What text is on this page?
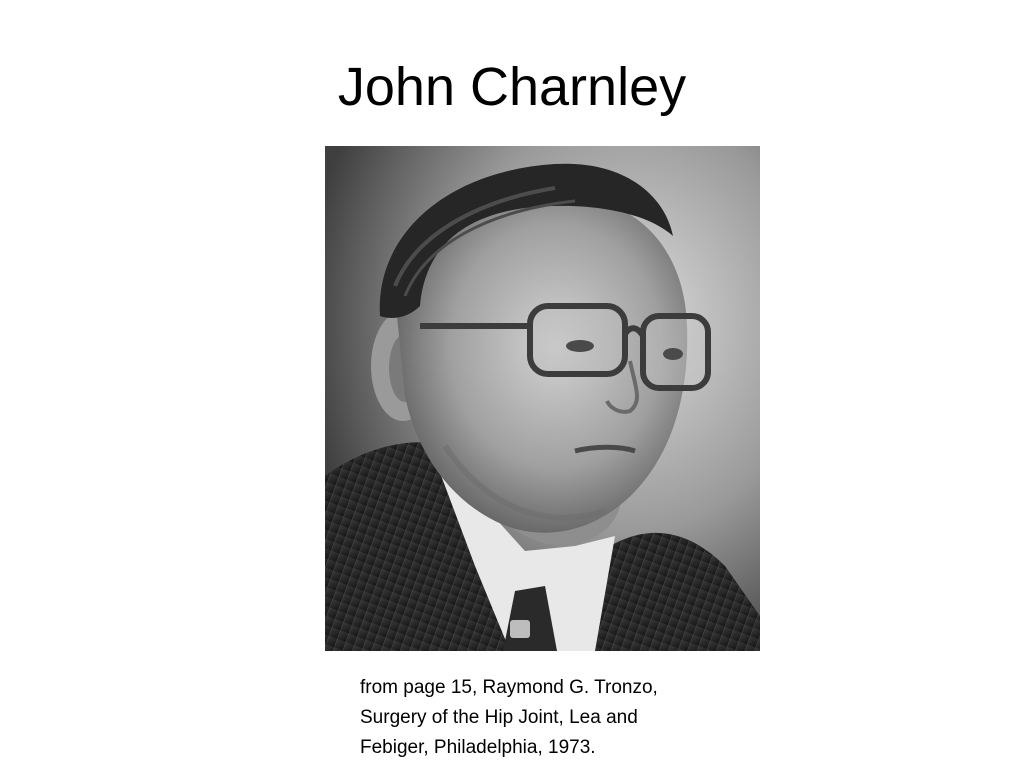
John Charnley
from page 15, Raymond G. Tronzo,
Surgery of the Hip Joint, Lea and
Febiger, Philadelphia, 1973.
